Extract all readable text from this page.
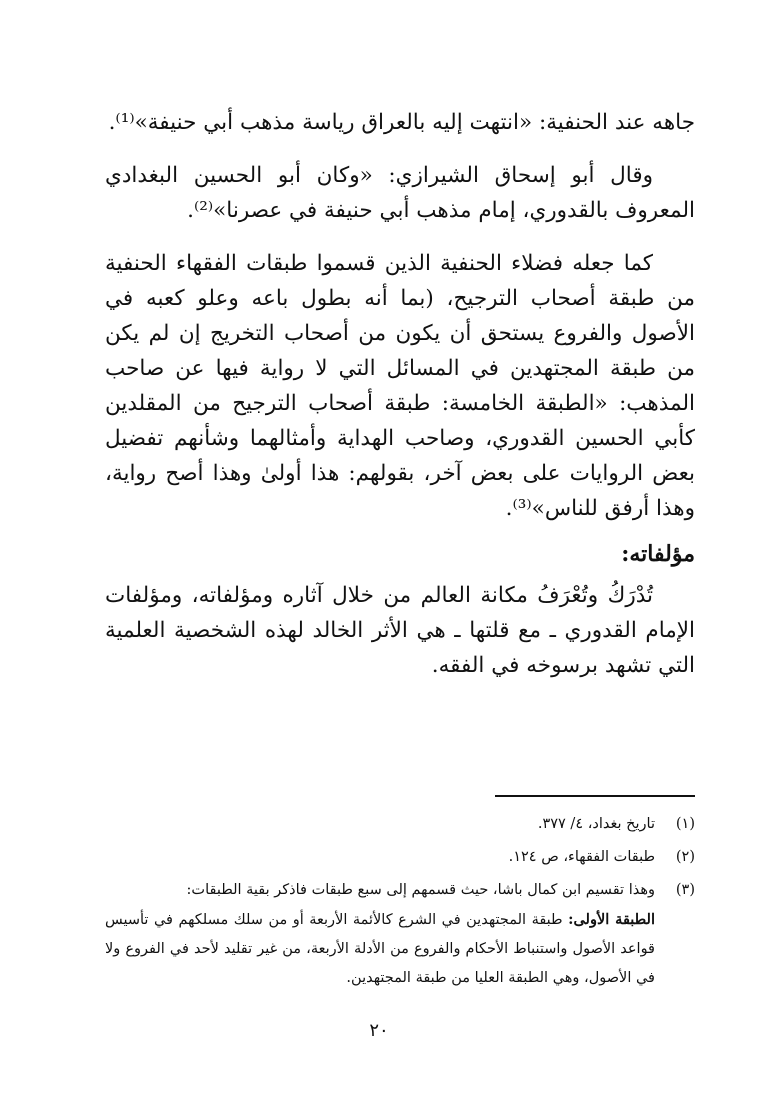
جاهه عند الحنفية: «انتهت إليه بالعراق رياسة مذهب أبي حنيفة»⁽¹⁾.

وقال أبو إسحاق الشيرازي: «وكان أبو الحسين البغدادي المعروف بالقدوري، إمام مذهب أبي حنيفة في عصرنا»⁽²⁾.

كما جعله فضلاء الحنفية الذين قسموا طبقات الفقهاء الحنفية من طبقة أصحاب الترجيح، (بما أنه بطول باعه وعلو كعبه في الأصول والفروع يستحق أن يكون من أصحاب التخريج إن لم يكن من طبقة المجتهدين في المسائل التي لا رواية فيها عن صاحب المذهب: «الطبقة الخامسة: طبقة أصحاب الترجيح من المقلدين كأبي الحسين القدوري، وصاحب الهداية وأمثالهما وشأنهم تفضيل بعض الروايات على بعض آخر، بقولهم: هذا أولىٰ وهذا أصح رواية، وهذا أرفق للناس»⁽³⁾.

مؤلفاته:

تُدْرَكُ وتُعْرَفُ مكانة العالم من خلال آثاره ومؤلفاته، ومؤلفات الإمام القدوري ـ مع قلتها ـ هي الأثر الخالد لهذه الشخصية العلمية التي تشهد برسوخه في الفقه.

(١)

تاريخ بغداد، ٤/ ٣٧٧.

(٢)

طبقات الفقهاء، ص ١٢٤.

(٣)

وهذا تقسيم ابن كمال باشا، حيث قسمهم إلى سبع طبقات فاذكر بقية الطبقات:

الطبقة الأولى: طبقة المجتهدين في الشرع كالأئمة الأربعة أو من سلك مسلكهم في تأسيس قواعد الأصول واستنباط الأحكام والفروع من الأدلة الأربعة، من غير تقليد لأحد في الفروع ولا في الأصول، وهي الطبقة العليا من طبقة المجتهدين.

٢٠
